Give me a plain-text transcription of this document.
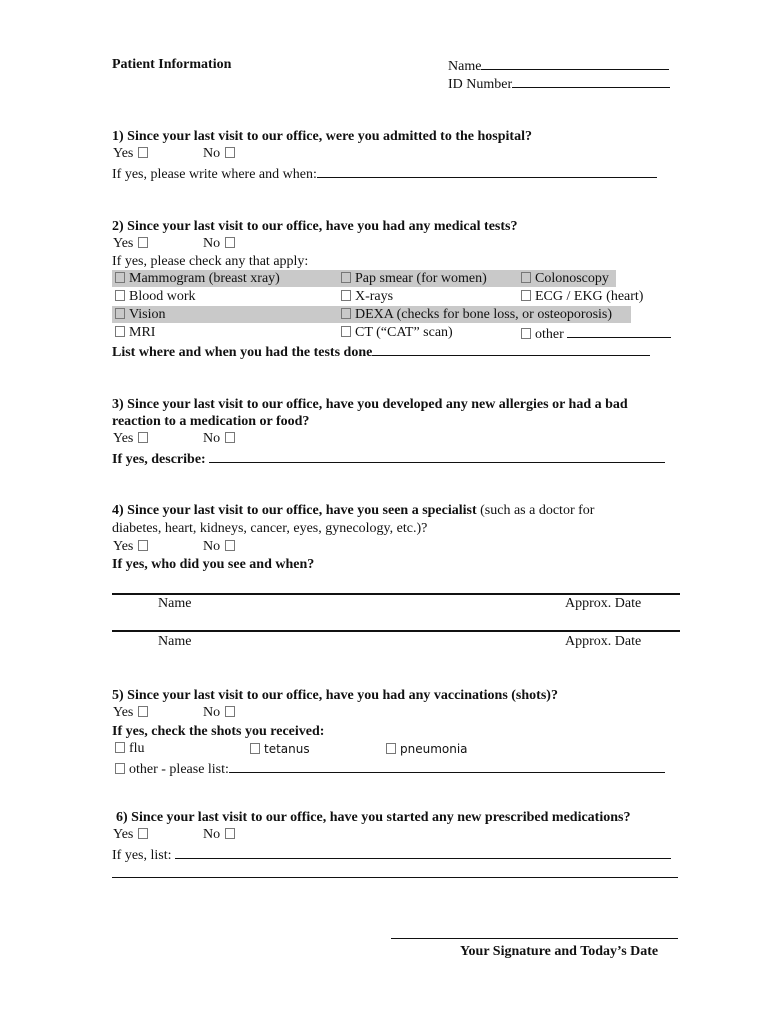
Patient Information	Name
ID Number
1) Since your last visit to our office, were you admitted to the hospital?
Yes	No
If yes, please write where and when:
2) Since your last visit to our office, have you had any medical tests?
Yes	No
If yes, please check any that apply:
Mammogram (breast xray)	Pap smear (for women)	Colonoscopy
Blood work	X-rays	ECG / EKG (heart)
Vision	DEXA (checks for bone loss, or osteoporosis)
MRI	CT (“CAT” scan)	other
List where and when you had the tests done
3) Since your last visit to our office, have you developed any new allergies or had a bad
reaction to a medication or food?
Yes	No
If yes, describe:
4) Since your last visit to our office, have you seen a specialist (such as a doctor for
diabetes, heart, kidneys, cancer, eyes, gynecology, etc.)?
Yes	No
If yes, who did you see and when?
Name	Approx. Date
Name	Approx. Date
5) Since your last visit to our office, have you had any vaccinations (shots)?
Yes	No
If yes, check the shots you received:
flu	tetanus	pneumonia
other - please list:
6) Since your last visit to our office, have you started any new prescribed medications?
Yes	No
If yes, list:
Your Signature and Today’s Date
